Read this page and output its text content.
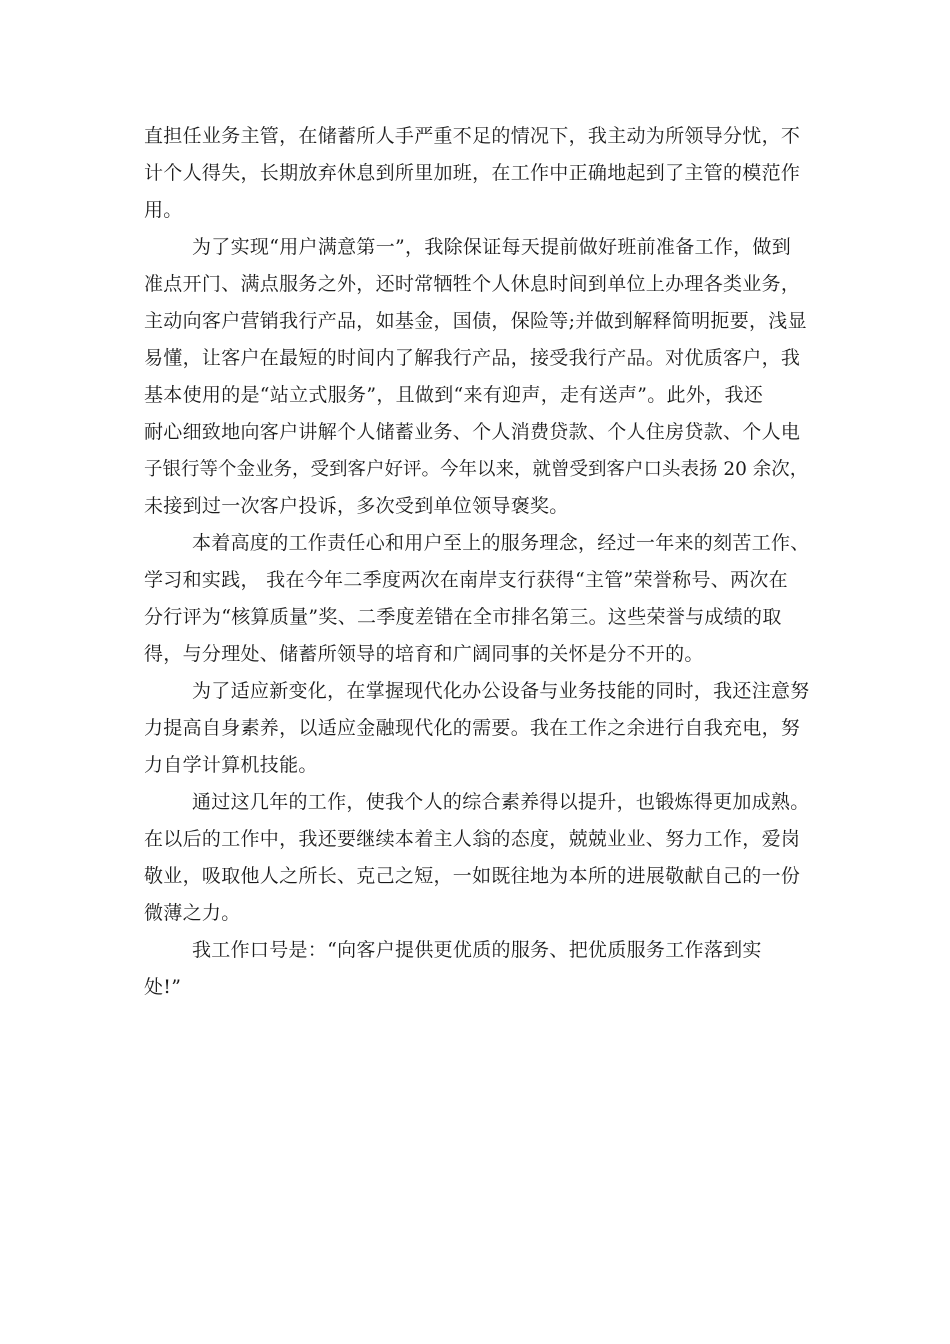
直担任业务主管，在储蓄所人手严重不足的情况下，我主动为所领导分忧，不
计个人得失，长期放弃休息到所里加班，在工作中正确地起到了主管的模范作
用。
为了实现“用户满意第一”，我除保证每天提前做好班前准备工作，做到
准点开门、满点服务之外，还时常牺牲个人休息时间到单位上办理各类业务，
主动向客户营销我行产品，如基金，国债，保险等;并做到解释简明扼要，浅显
易懂，让客户在最短的时间内了解我行产品，接受我行产品。对优质客户，我
基本使用的是“站立式服务”，且做到“来有迎声，走有送声”。此外，我还
耐心细致地向客户讲解个人储蓄业务、个人消费贷款、个人住房贷款、个人电
子银行等个金业务，受到客户好评。今年以来，就曾受到客户口头表扬 20 余次，
未接到过一次客户投诉，多次受到单位领导褒奖。
本着高度的工作责任心和用户至上的服务理念，经过一年来的刻苦工作、
学习和实践， 我在今年二季度两次在南岸支行获得“主管”荣誉称号、两次在
分行评为“核算质量”奖、二季度差错在全市排名第三。这些荣誉与成绩的取
得，与分理处、储蓄所领导的培育和广阔同事的关怀是分不开的。
为了适应新变化，在掌握现代化办公设备与业务技能的同时，我还注意努
力提高自身素养，以适应金融现代化的需要。我在工作之余进行自我充电，努
力自学计算机技能。
通过这几年的工作，使我个人的综合素养得以提升，也锻炼得更加成熟。
在以后的工作中，我还要继续本着主人翁的态度，兢兢业业、努力工作，爱岗
敬业，吸取他人之所长、克己之短，一如既往地为本所的进展敬献自己的一份
微薄之力。
我工作口号是：“向客户提供更优质的服务、把优质服务工作落到实
处!”
